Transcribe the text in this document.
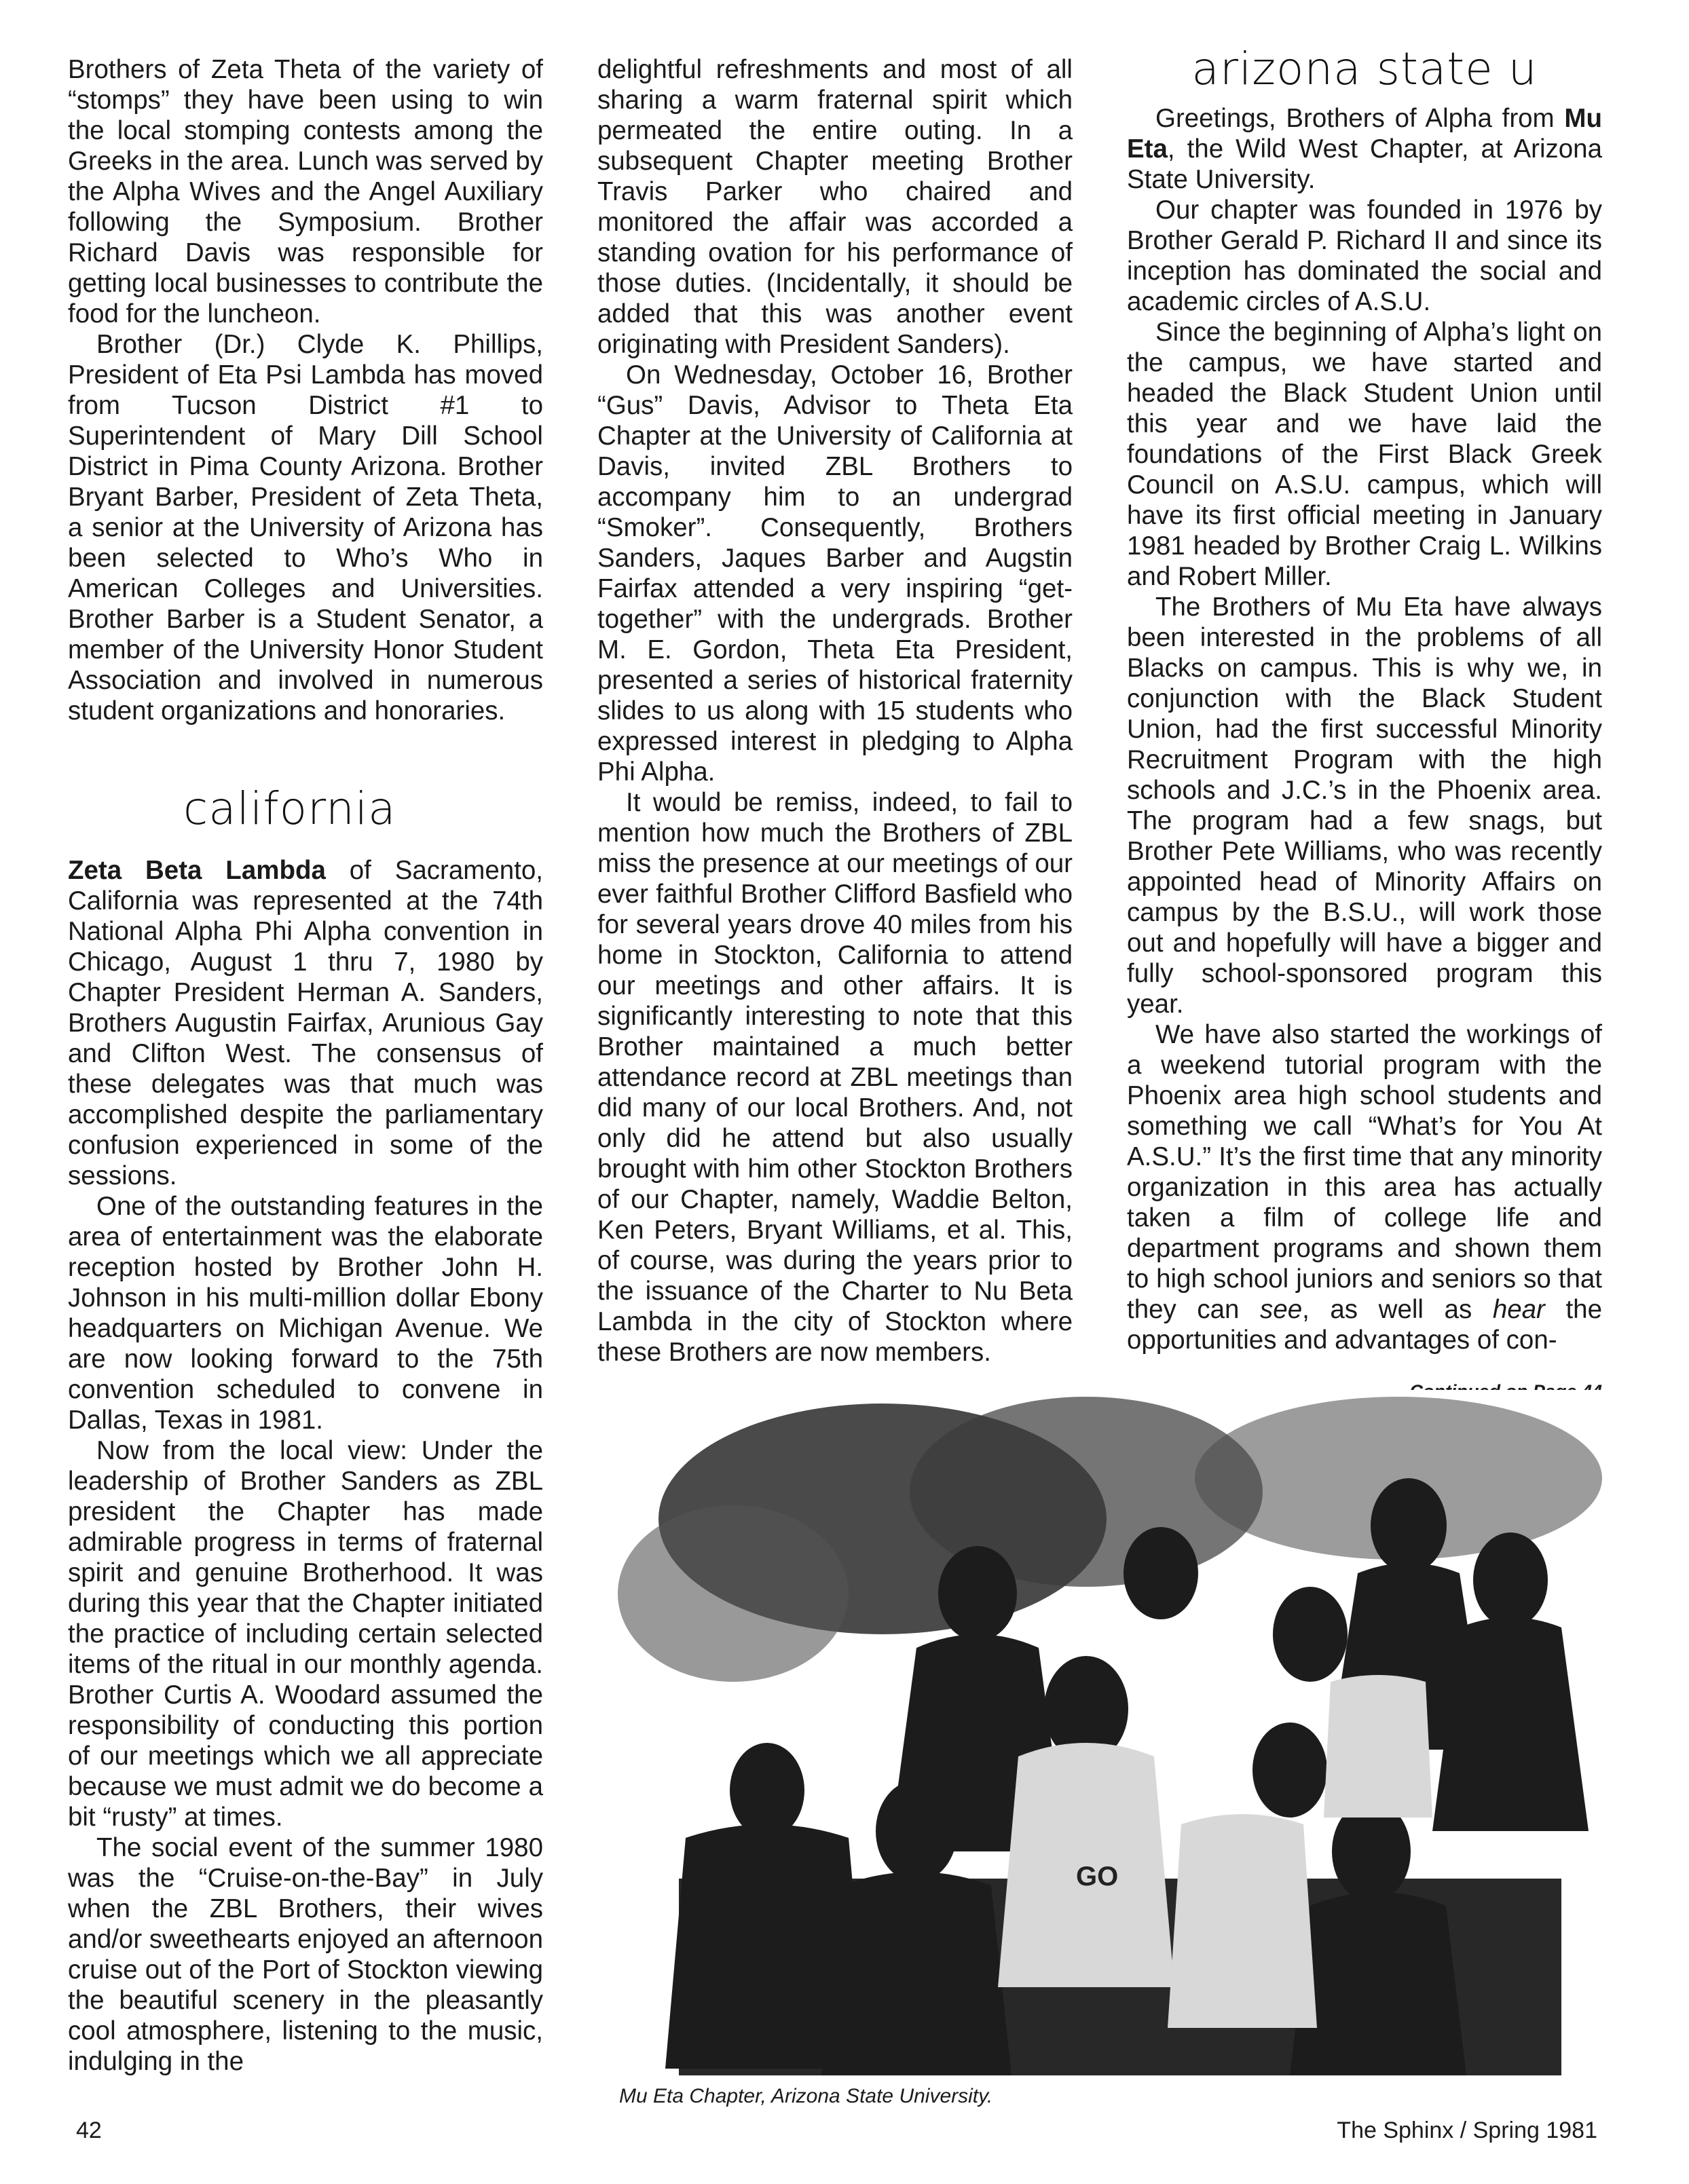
Brothers of Zeta Theta of the variety of “stomps” they have been using to win the local stomping contests among the Greeks in the area. Lunch was served by the Alpha Wives and the Angel Auxiliary following the Symposium. Brother Richard Davis was responsible for getting local businesses to contribute the food for the luncheon.

Brother (Dr.) Clyde K. Phillips, President of Eta Psi Lambda has moved from Tucson District #1 to Superintendent of Mary Dill School District in Pima County Arizona. Brother Bryant Barber, President of Zeta Theta, a senior at the University of Arizona has been selected to Who’s Who in American Colleges and Universities. Brother Barber is a Student Senator, a member of the University Honor Student Association and involved in numerous student organizations and honoraries.

california

Zeta Beta Lambda of Sacramento, California was represented at the 74th National Alpha Phi Alpha convention in Chicago, August 1 thru 7, 1980 by Chapter President Herman A. Sanders, Brothers Augustin Fairfax, Arunious Gay and Clifton West. The consensus of these delegates was that much was accomplished despite the parliamentary confusion experienced in some of the sessions.

One of the outstanding features in the area of entertainment was the elaborate reception hosted by Brother John H. Johnson in his multi-million dollar Ebony headquarters on Michigan Avenue. We are now looking forward to the 75th convention scheduled to convene in Dallas, Texas in 1981.

Now from the local view: Under the leadership of Brother Sanders as ZBL president the Chapter has made admirable progress in terms of fraternal spirit and genuine Brotherhood. It was during this year that the Chapter initiated the practice of including certain selected items of the ritual in our monthly agenda. Brother Curtis A. Woodard assumed the responsibility of conducting this portion of our meetings which we all appreciate because we must admit we do become a bit “rusty” at times.

The social event of the summer 1980 was the “Cruise-on-the-Bay” in July when the ZBL Brothers, their wives and/or sweethearts enjoyed an afternoon cruise out of the Port of Stockton viewing the beautiful scenery in the pleasantly cool atmosphere, listening to the music, indulging in the

delightful refreshments and most of all sharing a warm fraternal spirit which permeated the entire outing. In a subsequent Chapter meeting Brother Travis Parker who chaired and monitored the affair was accorded a standing ovation for his performance of those duties. (Incidentally, it should be added that this was another event originating with President Sanders).

On Wednesday, October 16, Brother “Gus” Davis, Advisor to Theta Eta Chapter at the University of California at Davis, invited ZBL Brothers to accompany him to an undergrad “Smoker”. Consequently, Brothers Sanders, Jaques Barber and Augstin Fairfax attended a very inspiring “get-together” with the undergrads. Brother M. E. Gordon, Theta Eta President, presented a series of historical fraternity slides to us along with 15 students who expressed interest in pledging to Alpha Phi Alpha.

It would be remiss, indeed, to fail to mention how much the Brothers of ZBL miss the presence at our meetings of our ever faithful Brother Clifford Basfield who for several years drove 40 miles from his home in Stockton, California to attend our meetings and other affairs. It is significantly interesting to note that this Brother maintained a much better attendance record at ZBL meetings than did many of our local Brothers. And, not only did he attend but also usually brought with him other Stockton Brothers of our Chapter, namely, Waddie Belton, Ken Peters, Bryant Williams, et al. This, of course, was during the years prior to the issuance of the Charter to Nu Beta Lambda in the city of Stockton where these Brothers are now members.

arizona state u

Greetings, Brothers of Alpha from Mu Eta, the Wild West Chapter, at Arizona State University.

Our chapter was founded in 1976 by Brother Gerald P. Richard II and since its inception has dominated the social and academic circles of A.S.U.

Since the beginning of Alpha’s light on the campus, we have started and headed the Black Student Union until this year and we have laid the foundations of the First Black Greek Council on A.S.U. campus, which will have its first official meeting in January 1981 headed by Brother Craig L. Wilkins and Robert Miller.

The Brothers of Mu Eta have always been interested in the problems of all Blacks on campus. This is why we, in conjunction with the Black Student Union, had the first successful Minority Recruitment Program with the high schools and J.C.’s in the Phoenix area. The program had a few snags, but Brother Pete Williams, who was recently appointed head of Minority Affairs on campus by the B.S.U., will work those out and hopefully will have a bigger and fully school-sponsored program this year.

We have also started the workings of a weekend tutorial program with the Phoenix area high school students and something we call “What’s for You At A.S.U.” It’s the first time that any minority organization in this area has actually taken a film of college life and department programs and shown them to high school juniors and seniors so that they can see, as well as hear the opportunities and advantages of con-

GO
Mu Eta Chapter, Arizona State University.
42	The Sphinx / Spring 1981
